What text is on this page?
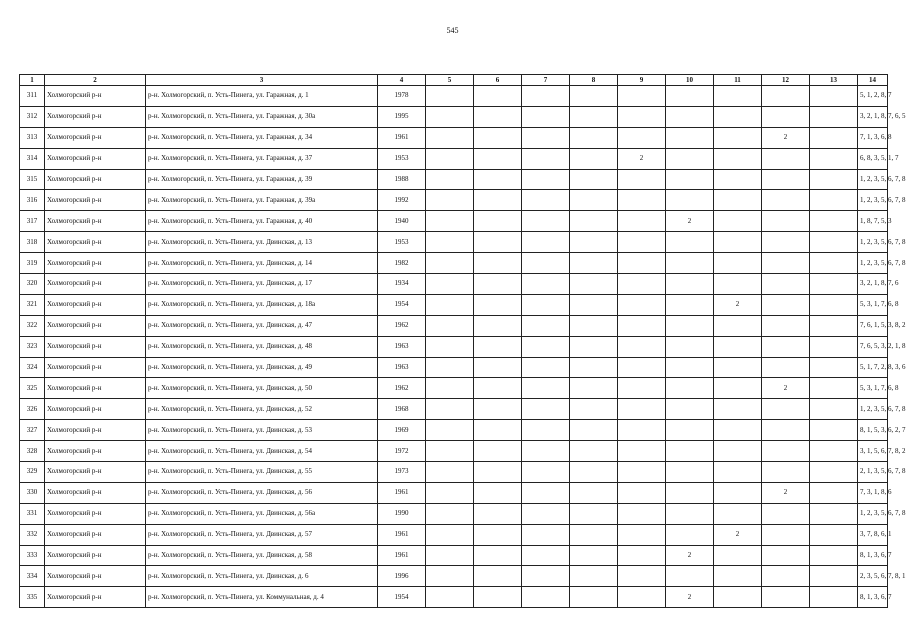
545
1	2	3	4	5	6	7	8	9	10	11	12	13	14
311	Холмогорский р-н	р-н. Холмогорский, п. Усть-Пинега, ул. Гаражная, д. 1	1978										5, 1, 2, 8, 7
312	Холмогорский р-н	р-н. Холмогорский, п. Усть-Пинега, ул. Гаражная, д. 30а	1995										3, 2, 1, 8, 7, 6, 5
313	Холмогорский р-н	р-н. Холмогорский, п. Усть-Пинега, ул. Гаражная, д. 34	1961								2		7, 1, 3, 6, 8
314	Холмогорский р-н	р-н. Холмогорский, п. Усть-Пинега, ул. Гаражная, д. 37	1953					2					6, 8, 3, 5, 1, 7
315	Холмогорский р-н	р-н. Холмогорский, п. Усть-Пинега, ул. Гаражная, д. 39	1988										1, 2, 3, 5, 6, 7, 8
316	Холмогорский р-н	р-н. Холмогорский, п. Усть-Пинега, ул. Гаражная, д. 39а	1992										1, 2, 3, 5, 6, 7, 8
317	Холмогорский р-н	р-н. Холмогорский, п. Усть-Пинега, ул. Гаражная, д. 40	1940						2				1, 8, 7, 5, 3
318	Холмогорский р-н	р-н. Холмогорский, п. Усть-Пинега, ул. Двинская, д. 13	1953										1, 2, 3, 5, 6, 7, 8
319	Холмогорский р-н	р-н. Холмогорский, п. Усть-Пинега, ул. Двинская, д. 14	1982										1, 2, 3, 5, 6, 7, 8
320	Холмогорский р-н	р-н. Холмогорский, п. Усть-Пинега, ул. Двинская, д. 17	1934										3, 2, 1, 8, 7, 6
321	Холмогорский р-н	р-н. Холмогорский, п. Усть-Пинега, ул. Двинская, д. 18а	1954							2			5, 3, 1, 7, 6, 8
322	Холмогорский р-н	р-н. Холмогорский, п. Усть-Пинега, ул. Двинская, д. 47	1962										7, 6, 1, 5, 3, 8, 2
323	Холмогорский р-н	р-н. Холмогорский, п. Усть-Пинега, ул. Двинская, д. 48	1963										7, 6, 5, 3, 2, 1, 8
324	Холмогорский р-н	р-н. Холмогорский, п. Усть-Пинега, ул. Двинская, д. 49	1963										5, 1, 7, 2, 8, 3, 6
325	Холмогорский р-н	р-н. Холмогорский, п. Усть-Пинега, ул. Двинская, д. 50	1962								2		5, 3, 1, 7, 6, 8
326	Холмогорский р-н	р-н. Холмогорский, п. Усть-Пинега, ул. Двинская, д. 52	1968										1, 2, 3, 5, 6, 7, 8
327	Холмогорский р-н	р-н. Холмогорский, п. Усть-Пинега, ул. Двинская, д. 53	1969										8, 1, 5, 3, 6, 2, 7
328	Холмогорский р-н	р-н. Холмогорский, п. Усть-Пинега, ул. Двинская, д. 54	1972										3, 1, 5, 6, 7, 8, 2
329	Холмогорский р-н	р-н. Холмогорский, п. Усть-Пинега, ул. Двинская, д. 55	1973										2, 1, 3, 5, 6, 7, 8
330	Холмогорский р-н	р-н. Холмогорский, п. Усть-Пинега, ул. Двинская, д. 56	1961								2		7, 3, 1, 8, 6
331	Холмогорский р-н	р-н. Холмогорский, п. Усть-Пинега, ул. Двинская, д. 56а	1990										1, 2, 3, 5, 6, 7, 8
332	Холмогорский р-н	р-н. Холмогорский, п. Усть-Пинега, ул. Двинская, д. 57	1961							2			3, 7, 8, 6, 1
333	Холмогорский р-н	р-н. Холмогорский, п. Усть-Пинега, ул. Двинская, д. 58	1961						2				8, 1, 3, 6, 7
334	Холмогорский р-н	р-н. Холмогорский, п. Усть-Пинега, ул. Двинская, д. 6	1996										2, 3, 5, 6, 7, 8, 1
335	Холмогорский р-н	р-н. Холмогорский, п. Усть-Пинега, ул. Коммунальная, д. 4	1954						2				8, 1, 3, 6, 7
